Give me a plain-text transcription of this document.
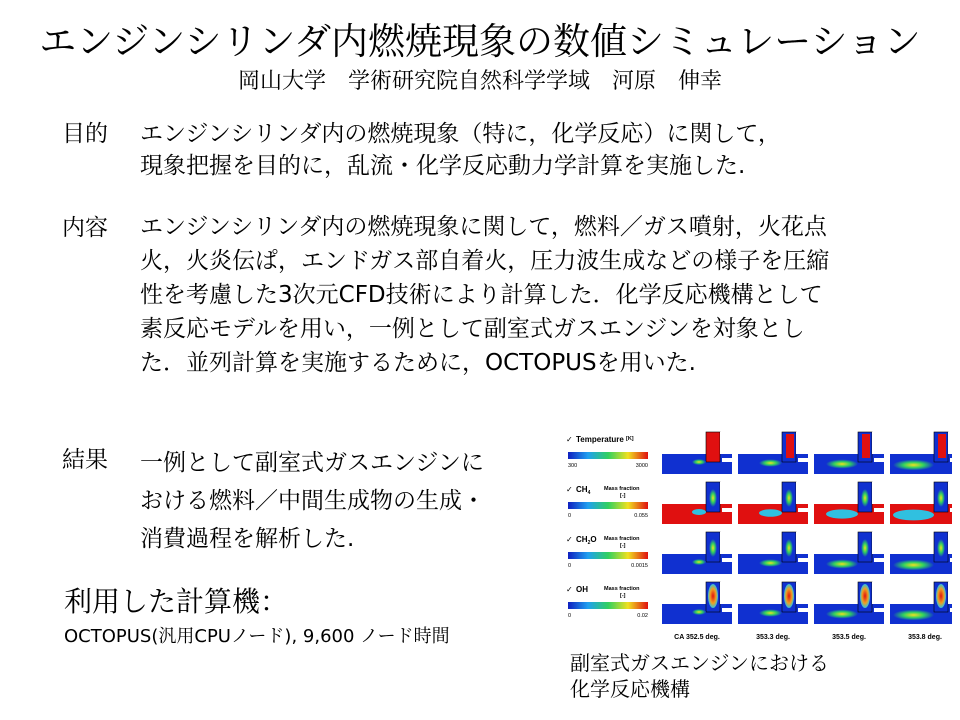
エンジンシリンダ内燃焼現象の数値シミュレーション
岡山大学　学術研究院自然科学学域　河原　伸幸
目的 エンジンシリンダ内の燃焼現象（特に，化学反応）に関して，
現象把握を目的に，乱流・化学反応動力学計算を実施した.
内容 エンジンシリンダ内の燃焼現象に関して，燃料／ガス噴射，火花点
火，火炎伝ぱ，エンドガス部自着火，圧力波生成などの様子を圧縮
性を考慮した3次元CFD技術により計算した．化学反応機構として
素反応モデルを用い，一例として副室式ガスエンジンを対象とし
た．並列計算を実施するために，OCTOPUSを用いた.
結果 一例として副室式ガスエンジンに
おける燃料／中間生成物の生成・
消費過程を解析した.
利用した計算機：
OCTOPUS(汎用CPUノード), 9,600 ノード時間
✓ Temperature [K]
300	3000
✓ $CH_4$
Mass fraction
[-]
0	0.055
✓ $CH_2O$ Mass fraction
[-]
0	0.0015
✓ OH	Mass fraction
[-]
0	0.02
CA 352.5 deg.	353.3 deg.	353.5 deg.	353.8 deg.
副室式ガスエンジンにおける
化学反応機構
